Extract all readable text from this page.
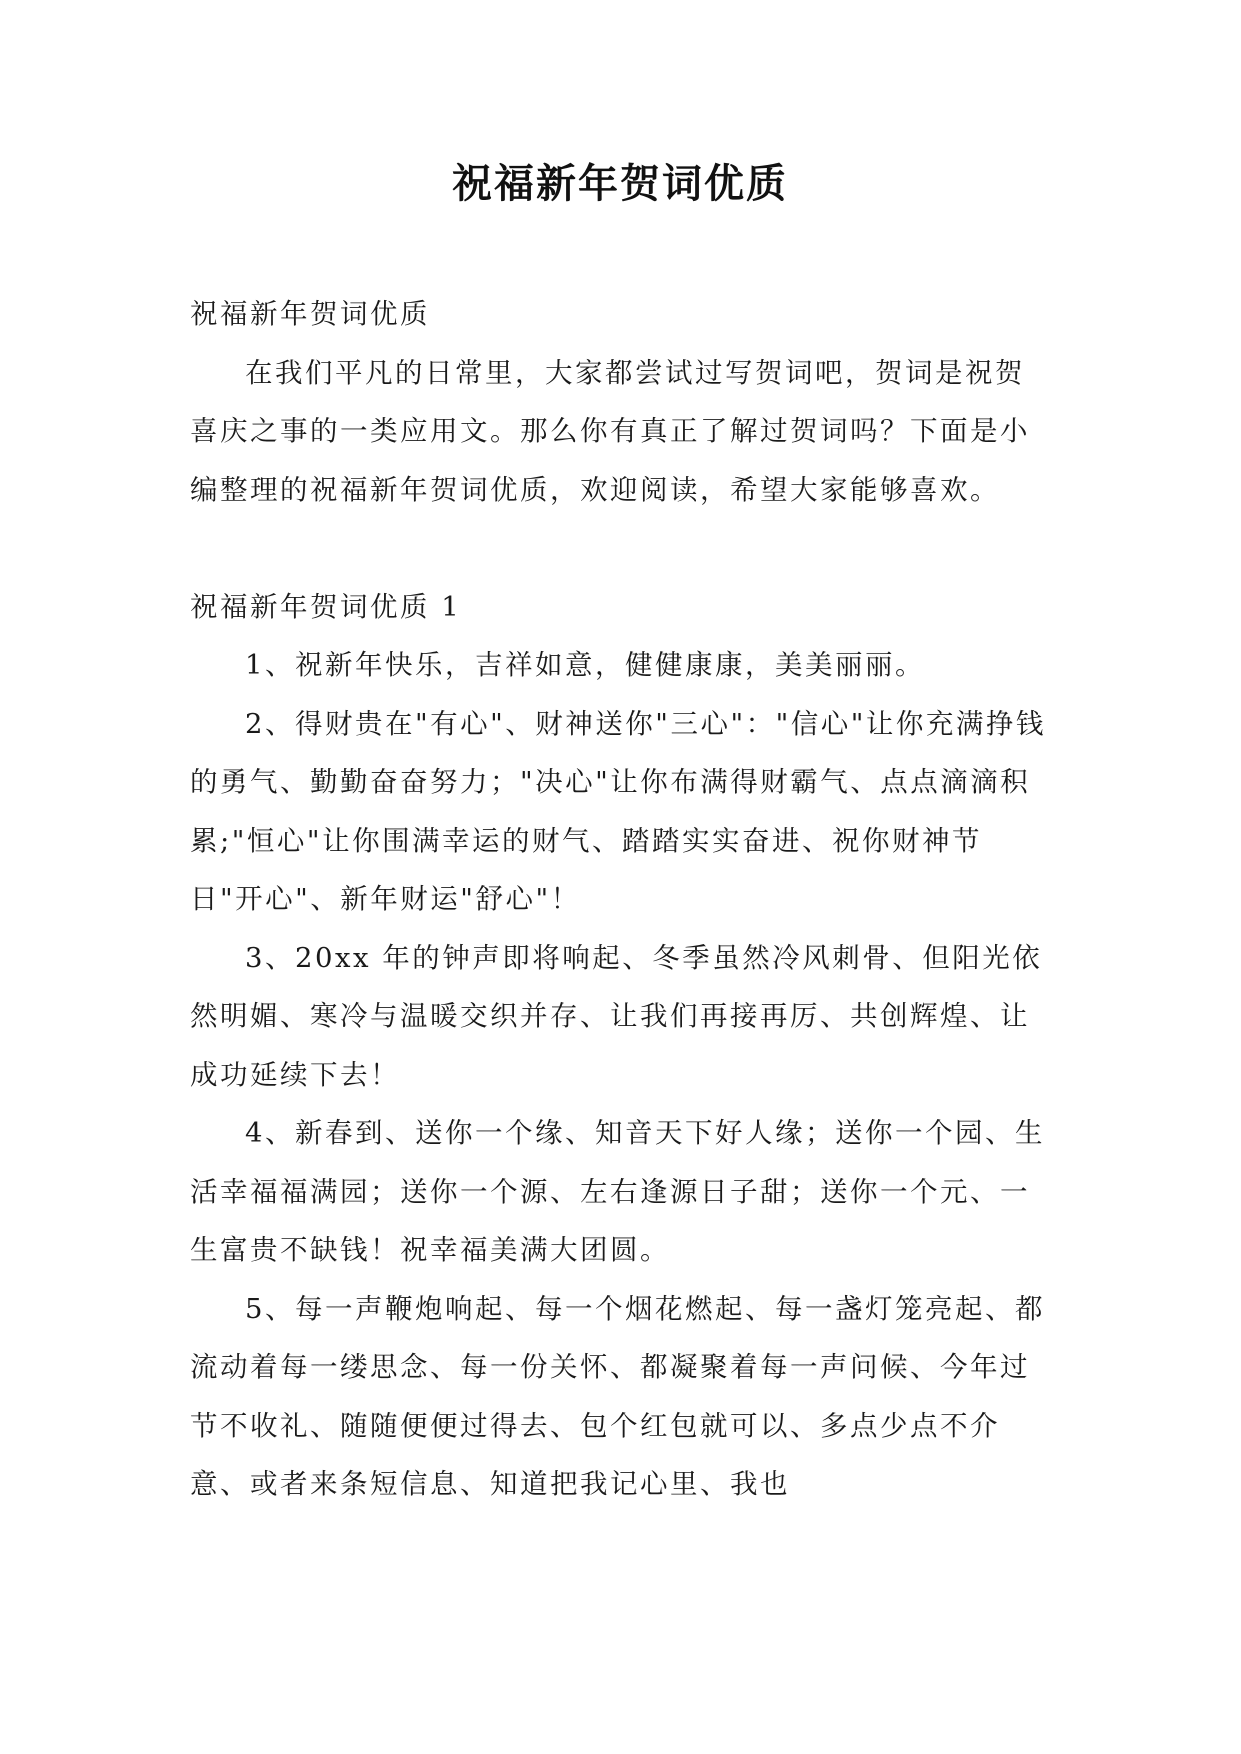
祝福新年贺词优质

祝福新年贺词优质

在我们平凡的日常里，大家都尝试过写贺词吧，贺词是祝贺喜庆之事的一类应用文。那么你有真正了解过贺词吗？下面是小编整理的祝福新年贺词优质，欢迎阅读，希望大家能够喜欢。

祝福新年贺词优质 1

1、祝新年快乐，吉祥如意，健健康康，美美丽丽。

2、得财贵在"有心"、财神送你"三心"："信心"让你充满挣钱的勇气、勤勤奋奋努力；"决心"让你布满得财霸气、点点滴滴积累;"恒心"让你围满幸运的财气、踏踏实实奋进、祝你财神节日"开心"、新年财运"舒心"！

3、20xx 年的钟声即将响起、冬季虽然冷风刺骨、但阳光依然明媚、寒冷与温暖交织并存、让我们再接再厉、共创辉煌、让成功延续下去！

4、新春到、送你一个缘、知音天下好人缘；送你一个园、生活幸福福满园；送你一个源、左右逢源日子甜；送你一个元、一生富贵不缺钱！祝幸福美满大团圆。

5、每一声鞭炮响起、每一个烟花燃起、每一盏灯笼亮起、都流动着每一缕思念、每一份关怀、都凝聚着每一声问候、今年过节不收礼、随随便便过得去、包个红包就可以、多点少点不介意、或者来条短信息、知道把我记心里、我也
